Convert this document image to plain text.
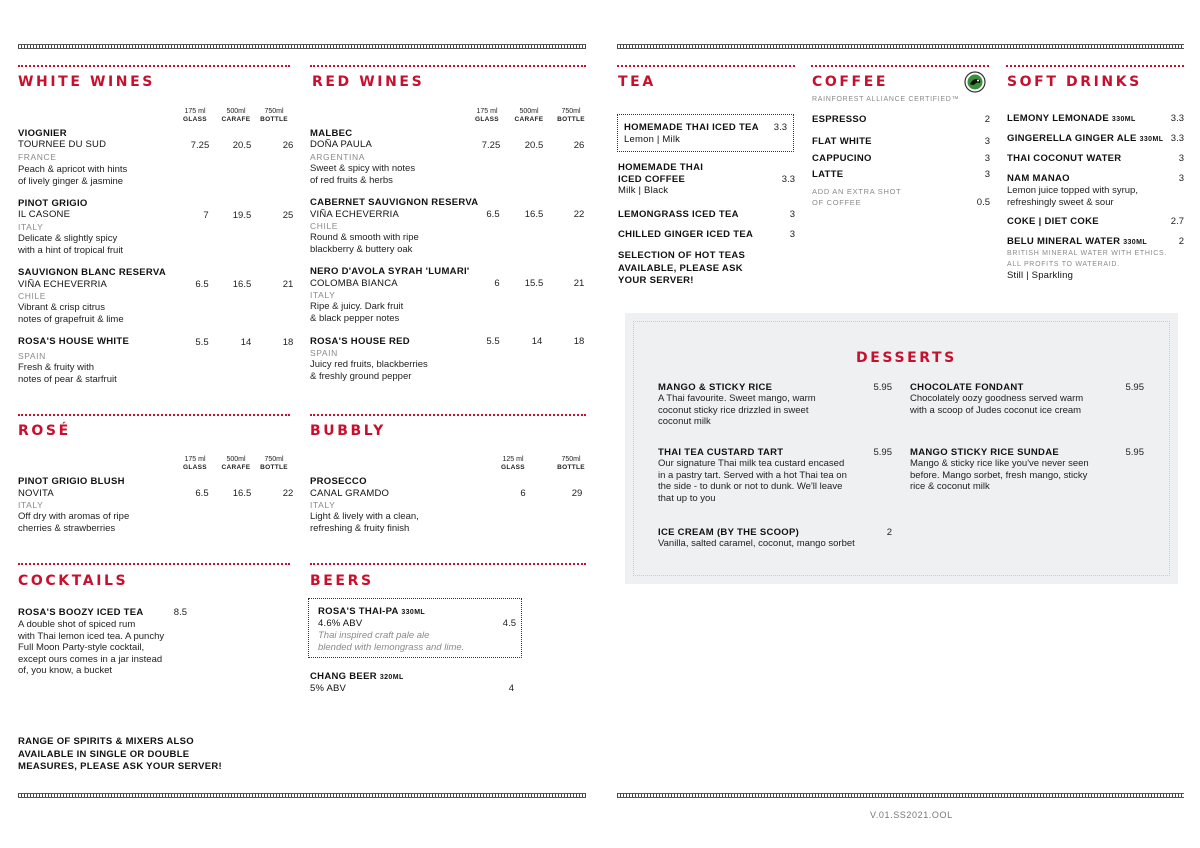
WHITE WINES
175 ml
GLASS
500ml
CARAFE
750ml
BOTTLE
VIOGNIER
TOURNEE DU SUD
FRANCE
Peach & apricot with hints
of lively ginger & jasmine
7.25	20.5	26
PINOT GRIGIO
IL CASONE
ITALY
Delicate & slightly spicy
with a hint of tropical fruit
7	19.5	25
SAUVIGNON BLANC RESERVA
VIÑA ECHEVERRIA
CHILE
Vibrant & crisp citrus
notes of grapefruit & lime
6.5	16.5	21
ROSA'S HOUSE WHITE
SPAIN
Fresh & fruity with
notes of pear & starfruit
5.5	14	18
RED WINES
175 ml
GLASS
500ml
CARAFE
750ml
BOTTLE
MALBEC
DOÑA PAULA
ARGENTINA
Sweet & spicy with notes
of red fruits & herbs
7.25	20.5	26
CABERNET SAUVIGNON RESERVA
VIÑA ECHEVERRIA
CHILE
Round & smooth with ripe
blackberry & buttery oak
6.5	16.5	22
NERO D'AVOLA SYRAH 'LUMARI'
COLOMBA BIANCA
ITALY
Ripe & juicy. Dark fruit
& black pepper notes
6	15.5	21
ROSA'S HOUSE RED
SPAIN
Juicy red fruits, blackberries
& freshly ground pepper
5.5	14	18
ROSÉ
175 ml
GLASS
500ml
CARAFE
750ml
BOTTLE
PINOT GRIGIO BLUSH
NOVITA
ITALY
Off dry with aromas of ripe
cherries & strawberries
6.5	16.5	22
BUBBLY
125 ml
GLASS
750ml
BOTTLE
PROSECCO
CANAL GRAMDO
ITALY
Light & lively with a clean,
refreshing & fruity finish
6	29
COCKTAILS
ROSA'S BOOZY ICED TEA	8.5
A double shot of spiced rum
with Thai lemon iced tea. A punchy
Full Moon Party-style cocktail,
except ours comes in a jar instead
of, you know, a bucket
RANGE OF SPIRITS & MIXERS ALSO
AVAILABLE IN SINGLE OR DOUBLE
MEASURES, PLEASE ASK YOUR SERVER!
BEERS
ROSA'S THAI-PA 330ML
4.6% ABV	4.5
Thai inspired craft pale ale
blended with lemongrass and lime.
CHANG BEER 320ML
5% ABV	4
TEA
HOMEMADE THAI ICED TEA	3.3
Lemon | Milk
HOMEMADE THAI
ICED COFFEE	3.3
Milk | Black
LEMONGRASS ICED TEA	3
CHILLED GINGER ICED TEA	3
SELECTION OF HOT TEAS
AVAILABLE, PLEASE ASK
YOUR SERVER!
COFFEE
RAINFOREST ALLIANCE CERTIFIED™
ESPRESSO	2
FLAT WHITE	3
CAPPUCINO	3
LATTE	3
ADD AN EXTRA SHOT
OF COFFEE	0.5
SOFT DRINKS
LEMONY LEMONADE 330ML	3.3
GINGERELLA GINGER ALE 330ML 3.3
THAI COCONUT WATER	3
NAM MANAO	3
Lemon juice topped with syrup,
refreshingly sweet & sour
COKE | DIET COKE	2.7
BELU MINERAL WATER 330ML	2
BRITISH MINERAL WATER WITH ETHICS.
ALL PROFITS TO WATERAID.
Still | Sparkling
DESSERTS
MANGO & STICKY RICE	5.95
A Thai favourite. Sweet mango, warm
coconut sticky rice drizzled in sweet
coconut milk
CHOCOLATE FONDANT	5.95
Chocolately oozy goodness served warm
with a scoop of Judes coconut ice cream
THAI TEA CUSTARD TART	5.95
Our signature Thai milk tea custard encased
in a pastry tart. Served with a hot Thai tea on
the side - to dunk or not to dunk. We'll leave
that up to you
MANGO STICKY RICE SUNDAE	5.95
Mango & sticky rice like you've never seen
before. Mango sorbet, fresh mango, sticky
rice & coconut milk
ICE CREAM (BY THE SCOOP)	2
Vanilla, salted caramel, coconut, mango sorbet
V.01.SS2021.OOL
